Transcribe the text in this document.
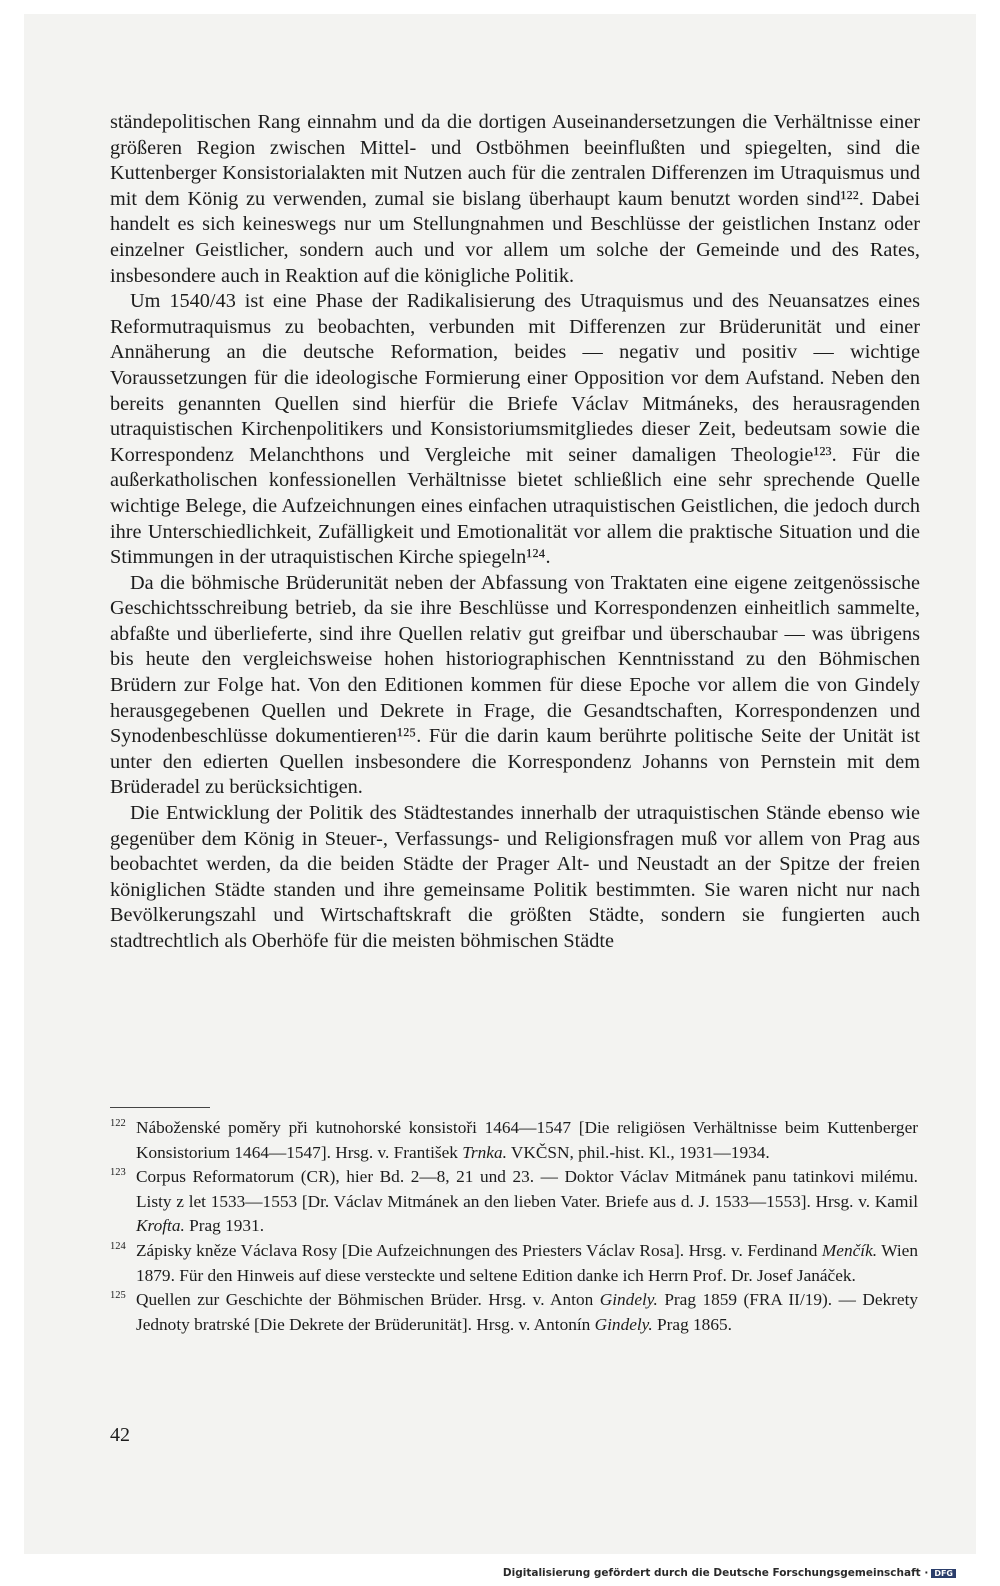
ständepolitischen Rang einnahm und da die dortigen Auseinandersetzungen die Verhältnisse einer größeren Region zwischen Mittel- und Ostböhmen beeinflußten und spiegelten, sind die Kuttenberger Konsistorialakten mit Nutzen auch für die zentralen Differenzen im Utraquismus und mit dem König zu verwenden, zumal sie bislang überhaupt kaum benutzt worden sind¹²². Dabei handelt es sich keineswegs nur um Stellungnahmen und Beschlüsse der geistlichen Instanz oder einzelner Geistlicher, sondern auch und vor allem um solche der Gemeinde und des Rates, insbesondere auch in Reaktion auf die königliche Politik.

Um 1540/43 ist eine Phase der Radikalisierung des Utraquismus und des Neuansatzes eines Reformutraquismus zu beobachten, verbunden mit Differenzen zur Brüderunität und einer Annäherung an die deutsche Reformation, beides — negativ und positiv — wichtige Voraussetzungen für die ideologische Formierung einer Opposition vor dem Aufstand. Neben den bereits genannten Quellen sind hierfür die Briefe Václav Mitmáneks, des herausragenden utraquistischen Kirchenpolitikers und Konsistoriumsmitgliedes dieser Zeit, bedeutsam sowie die Korrespondenz Melanchthons und Vergleiche mit seiner damaligen Theologie¹²³. Für die außerkatholischen konfessionellen Verhältnisse bietet schließlich eine sehr sprechende Quelle wichtige Belege, die Aufzeichnungen eines einfachen utraquistischen Geistlichen, die jedoch durch ihre Unterschiedlichkeit, Zufälligkeit und Emotionalität vor allem die praktische Situation und die Stimmungen in der utraquistischen Kirche spiegeln¹²⁴.

Da die böhmische Brüderunität neben der Abfassung von Traktaten eine eigene zeitgenössische Geschichtsschreibung betrieb, da sie ihre Beschlüsse und Korrespondenzen einheitlich sammelte, abfaßte und überlieferte, sind ihre Quellen relativ gut greifbar und überschaubar — was übrigens bis heute den vergleichsweise hohen historiographischen Kenntnisstand zu den Böhmischen Brüdern zur Folge hat. Von den Editionen kommen für diese Epoche vor allem die von Gindely herausgegebenen Quellen und Dekrete in Frage, die Gesandtschaften, Korrespondenzen und Synodenbeschlüsse dokumentieren¹²⁵. Für die darin kaum berührte politische Seite der Unität ist unter den edierten Quellen insbesondere die Korrespondenz Johanns von Pernstein mit dem Brüderadel zu berücksichtigen.

Die Entwicklung der Politik des Städtestandes innerhalb der utraquistischen Stände ebenso wie gegenüber dem König in Steuer-, Verfassungs- und Religionsfragen muß vor allem von Prag aus beobachtet werden, da die beiden Städte der Prager Alt- und Neustadt an der Spitze der freien königlichen Städte standen und ihre gemeinsame Politik bestimmten. Sie waren nicht nur nach Bevölkerungszahl und Wirtschaftskraft die größten Städte, sondern sie fungierten auch stadtrechtlich als Oberhöfe für die meisten böhmischen Städte

122 Náboženské poměry při kutnohorské konsistoři 1464—1547 [Die religiösen Verhältnisse beim Kuttenberger Konsistorium 1464—1547]. Hrsg. v. František Trnka. VKČSN, phil.-hist. Kl., 1931—1934.
123 Corpus Reformatorum (CR), hier Bd. 2—8, 21 und 23. — Doktor Václav Mitmánek panu tatinkovi milému. Listy z let 1533—1553 [Dr. Václav Mitmánek an den lieben Vater. Briefe aus d. J. 1533—1553]. Hrsg. v. Kamil Krofta. Prag 1931.
124 Zápisky kněze Václava Rosy [Die Aufzeichnungen des Priesters Václav Rosa]. Hrsg. v. Ferdinand Menčík. Wien 1879. Für den Hinweis auf diese versteckte und seltene Edition danke ich Herrn Prof. Dr. Josef Janáček.
125 Quellen zur Geschichte der Böhmischen Brüder. Hrsg. v. Anton Gindely. Prag 1859 (FRA II/19). — Dekrety Jednoty bratrské [Die Dekrete der Brüderunität]. Hrsg. v. Antonín Gindely. Prag 1865.
42
Digitalisierung gefördert durch die Deutsche Forschungsgemeinschaft · DFG
